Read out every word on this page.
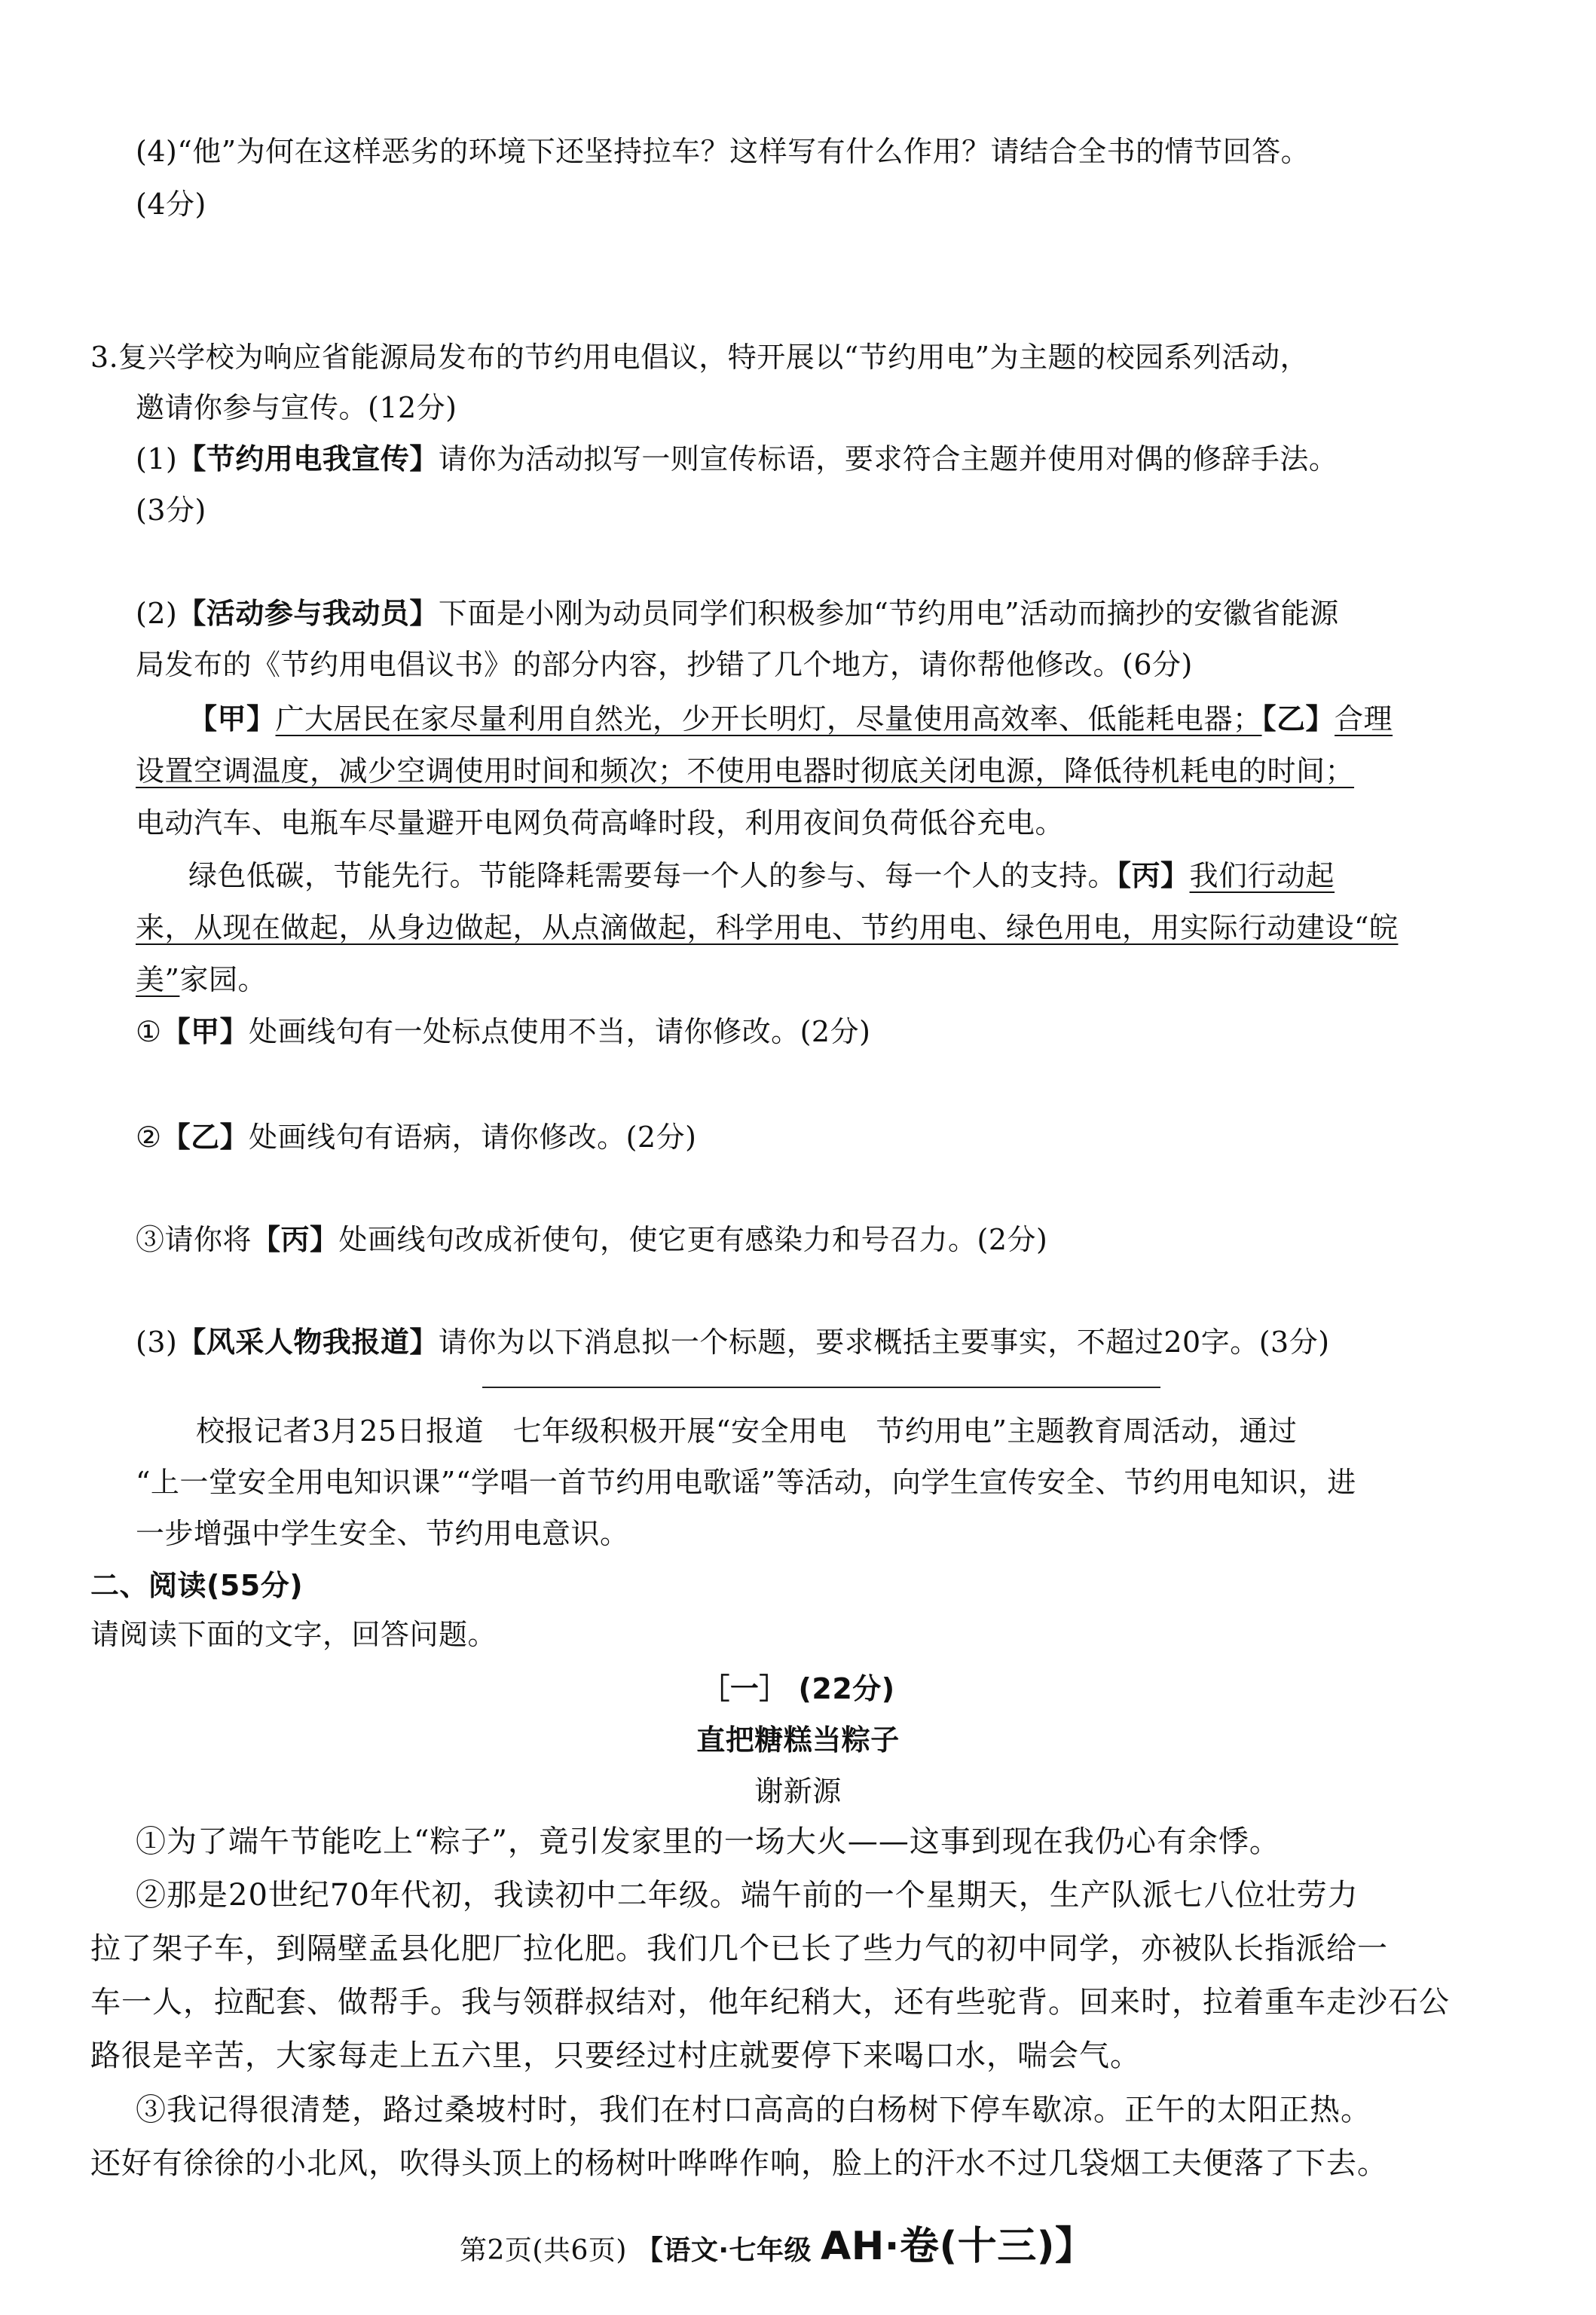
(4)“他”为何在这样恶劣的环境下还坚持拉车？这样写有什么作用？请结合全书的情节回答。
(4分)
3.复兴学校为响应省能源局发布的节约用电倡议，特开展以“节约用电”为主题的校园系列活动，
邀请你参与宣传。(12分)
(1)【节约用电我宣传】请你为活动拟写一则宣传标语，要求符合主题并使用对偶的修辞手法。
(3分)
(2)【活动参与我动员】下面是小刚为动员同学们积极参加“节约用电”活动而摘抄的安徽省能源
局发布的《节约用电倡议书》的部分内容，抄错了几个地方，请你帮他修改。(6分)
【甲】广大居民在家尽量利用自然光，少开长明灯，尽量使用高效率、低能耗电器；【乙】合理
设置空调温度，减少空调使用时间和频次；不使用电器时彻底关闭电源，降低待机耗电的时间；
电动汽车、电瓶车尽量避开电网负荷高峰时段，利用夜间负荷低谷充电。
绿色低碳，节能先行。节能降耗需要每一个人的参与、每一个人的支持。【丙】我们行动起
来，从现在做起，从身边做起，从点滴做起，科学用电、节约用电、绿色用电，用实际行动建设“皖
美”家园。
①【甲】处画线句有一处标点使用不当，请你修改。(2分)
②【乙】处画线句有语病，请你修改。(2分)
③请你将【丙】处画线句改成祈使句，使它更有感染力和号召力。(2分)
(3)【风采人物我报道】请你为以下消息拟一个标题，要求概括主要事实，不超过20字。(3分)
校报记者3月25日报道　七年级积极开展“安全用电　节约用电”主题教育周活动，通过
“上一堂安全用电知识课”“学唱一首节约用电歌谣”等活动，向学生宣传安全、节约用电知识，进
一步增强中学生安全、节约用电意识。
二、阅读(55分)
请阅读下面的文字，回答问题。
［一］ (22分)
直把糖糕当粽子
谢新源
①为了端午节能吃上“粽子”，竟引发家里的一场大火——这事到现在我仍心有余悸。
②那是20世纪70年代初，我读初中二年级。端午前的一个星期天，生产队派七八位壮劳力
拉了架子车，到隔壁孟县化肥厂拉化肥。我们几个已长了些力气的初中同学，亦被队长指派给一
车一人，拉配套、做帮手。我与领群叔结对，他年纪稍大，还有些驼背。回来时，拉着重车走沙石公
路很是辛苦，大家每走上五六里，只要经过村庄就要停下来喝口水，喘会气。
③我记得很清楚，路过桑坡村时，我们在村口高高的白杨树下停车歇凉。正午的太阳正热。
还好有徐徐的小北风，吹得头顶上的杨树叶哗哗作响，脸上的汗水不过几袋烟工夫便落了下去。
第2页(共6页) 【语文·七年级 AH·卷(十三)】
